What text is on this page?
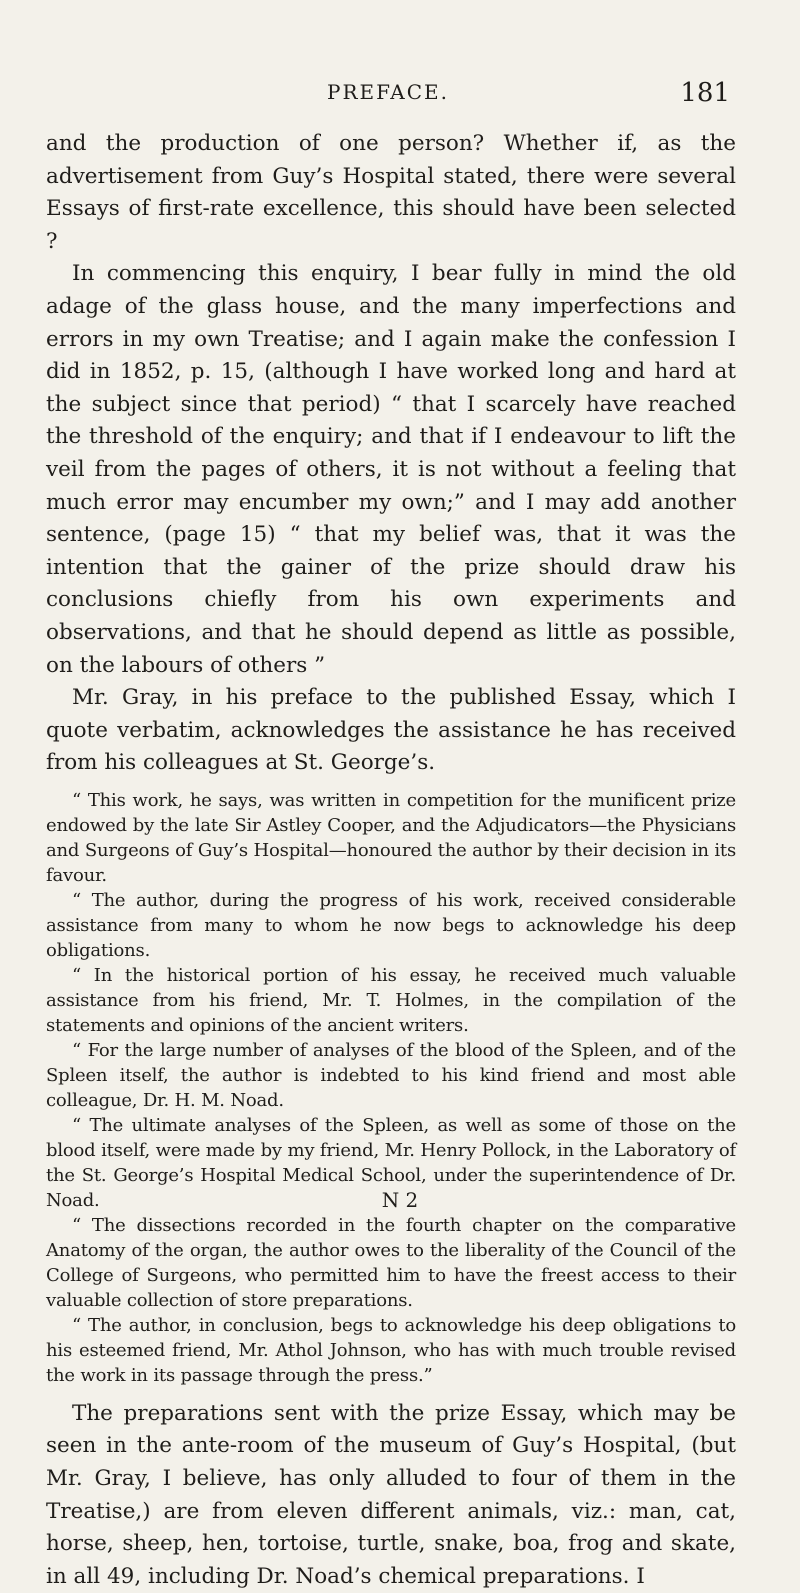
PREFACE.	181

and the production of one person? Whether if, as the advertisement from Guy’s Hospital stated, there were several Essays of first-rate excellence, this should have been selected ?

In commencing this enquiry, I bear fully in mind the old adage of the glass house, and the many imperfections and errors in my own Treatise; and I again make the confession I did in 1852, p. 15, (although I have worked long and hard at the subject since that period) “ that I scarcely have reached the threshold of the enquiry; and that if I endeavour to lift the veil from the pages of others, it is not without a feeling that much error may encumber my own;” and I may add another sentence, (page 15) “ that my belief was, that it was the intention that the gainer of the prize should draw his conclusions chiefly from his own experiments and observations, and that he should depend as little as possible, on the labours of others ”

Mr. Gray, in his preface to the published Essay, which I quote verbatim, acknowledges the assistance he has received from his colleagues at St. George’s.

“ This work, he says, was written in competition for the munificent prize endowed by the late Sir Astley Cooper, and the Adjudicators—the Physicians and Surgeons of Guy’s Hospital—honoured the author by their decision in its favour.

“ The author, during the progress of his work, received considerable assistance from many to whom he now begs to acknowledge his deep obligations.

“ In the historical portion of his essay, he received much valuable assistance from his friend, Mr. T. Holmes, in the compilation of the statements and opinions of the ancient writers.

“ For the large number of analyses of the blood of the Spleen, and of the Spleen itself, the author is indebted to his kind friend and most able colleague, Dr. H. M. Noad.

“ The ultimate analyses of the Spleen, as well as some of those on the blood itself, were made by my friend, Mr. Henry Pollock, in the Laboratory of the St. George’s Hospital Medical School, under the superintendence of Dr. Noad.

“ The dissections recorded in the fourth chapter on the comparative Anatomy of the organ, the author owes to the liberality of the Council of the College of Surgeons, who permitted him to have the freest access to their valuable collection of store preparations.

“ The author, in conclusion, begs to acknowledge his deep obligations to his esteemed friend, Mr. Athol Johnson, who has with much trouble revised the work in its passage through the press.”

The preparations sent with the prize Essay, which may be seen in the ante-room of the museum of Guy’s Hospital, (but Mr. Gray, I believe, has only alluded to four of them in the Treatise,) are from eleven different animals, viz.: man, cat, horse, sheep, hen, tortoise, turtle, snake, boa, frog and skate, in all 49, including Dr. Noad’s chemical preparations. I

N 2
